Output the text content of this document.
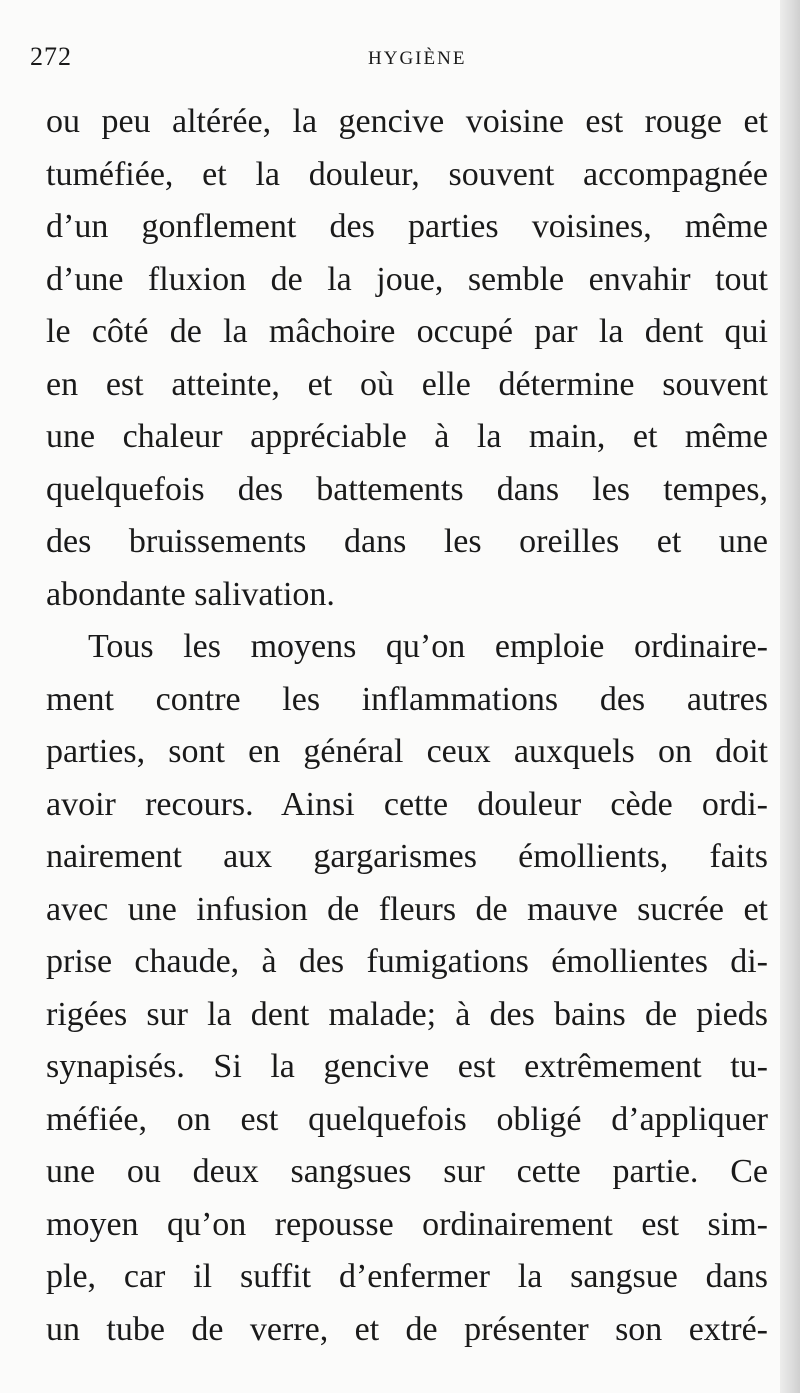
272	HYGIÈNE
ou peu altérée, la gencive voisine est rouge et
tuméfiée, et la douleur, souvent accompagnée
d’un gonflement des parties voisines, même
d’une fluxion de la joue, semble envahir tout
le côté de la mâchoire occupé par la dent qui
en est atteinte, et où elle détermine souvent
une chaleur appréciable à la main, et même
quelquefois des battements dans les tempes,
des bruissements dans les oreilles et une
abondante salivation.
Tous les moyens qu’on emploie ordinaire-
ment contre les inflammations des autres
parties, sont en général ceux auxquels on doit
avoir recours. Ainsi cette douleur cède ordi-
nairement aux gargarismes émollients, faits
avec une infusion de fleurs de mauve sucrée et
prise chaude, à des fumigations émollientes di-
rigées sur la dent malade; à des bains de pieds
synapisés. Si la gencive est extrêmement tu-
méfiée, on est quelquefois obligé d’appliquer
une ou deux sangsues sur cette partie. Ce
moyen qu’on repousse ordinairement est sim-
ple, car il suffit d’enfermer la sangsue dans
un tube de verre, et de présenter son extré-
